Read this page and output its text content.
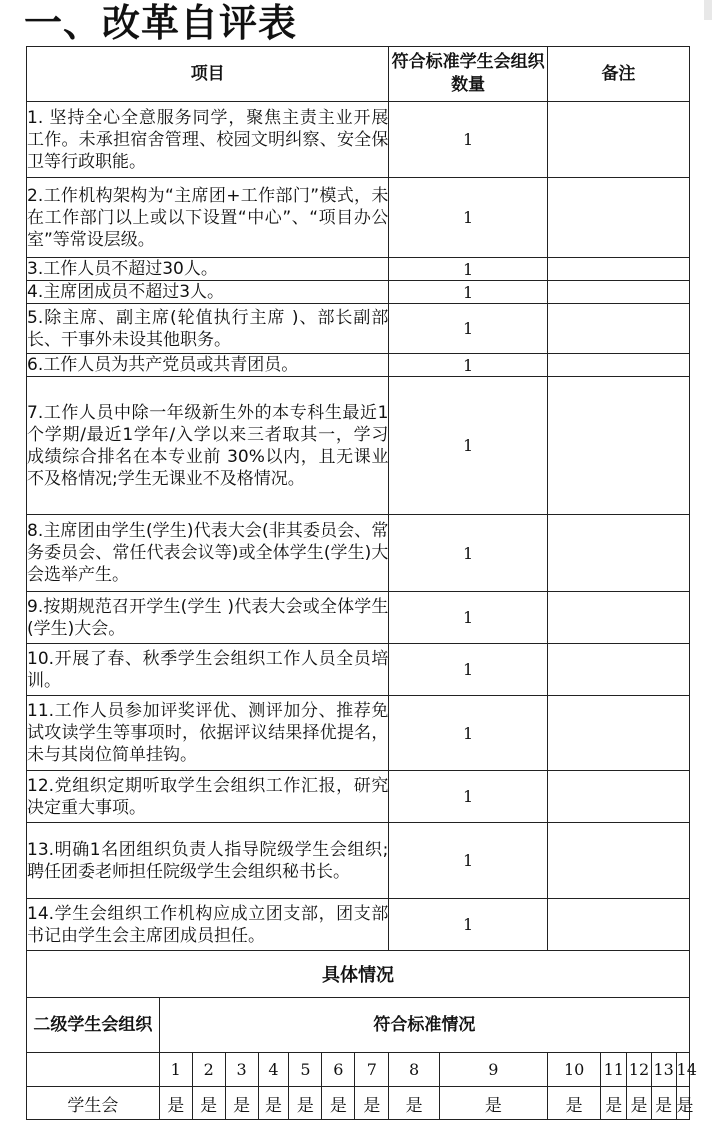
一、改革自评表
项目								符合标准学生会组织数量		备注				
1. 坚持全心全意服务同学，聚焦主责主业开展工作。未承担宿舍管理、校园文明纠察、安全保卫等行政职能。								1						
2.工作机构架构为“主席团+工作部门”模式，未在工作部门以上或以下设置“中心”、“项目办公室”等常设层级。								1						
3.工作人员不超过30人。								1						
4.主席团成员不超过3人。								1						
5.除主席、副主席(轮值执行主席 )、部长副部长、干事外未设其他职务。								1						
6.工作人员为共产党员或共青团员。								1						
7.工作人员中除一年级新生外的本专科生最近1个学期/最近1学年/入学以来三者取其一，学习成绩综合排名在本专业前 30%以内，且无课业不及格情况;学生无课业不及格情况。								1						
8.主席团由学生(学生)代表大会(非其委员会、常务委员会、常任代表会议等)或全体学生(学生)大会选举产生。								1						
9.按期规范召开学生(学生 )代表大会或全体学生(学生)大会。								1						
10.开展了春、秋季学生会组织工作人员全员培训。								1						
11.工作人员参加评奖评优、测评加分、推荐免试攻读学生等事项时，依据评议结果择优提名，未与其岗位简单挂钩。								1						
12.党组织定期听取学生会组织工作汇报，研究决定重大事项。								1						
13.明确1名团组织负责人指导院级学生会组织;聘任团委老师担任院级学生会组织秘书长。								1						
14.学生会组织工作机构应成立团支部，团支部书记由学生会主席团成员担任。								1						
具体情况														
二级学生会组织	符合标准情况													
	1	2	3	4	5	6	7	8	9	10	11	12	13	14
学生会	是	是	是	是	是	是	是	是	是	是	是	是	是	是
